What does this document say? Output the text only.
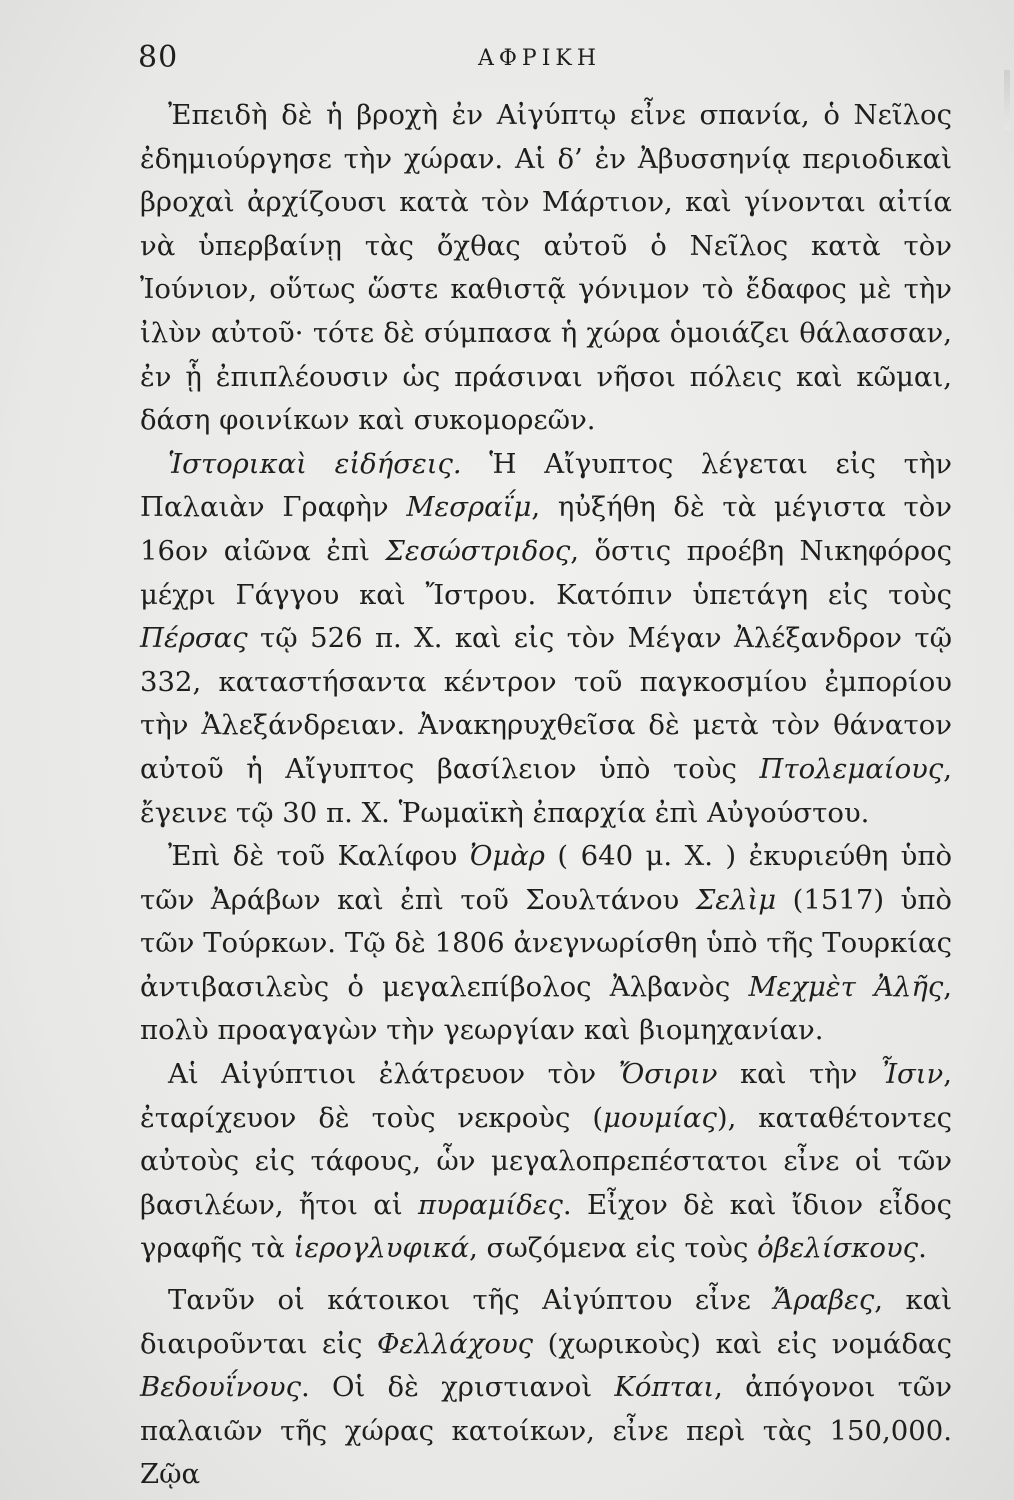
80	ΑΦΡΙΚΗ

Ἐπειδὴ δὲ ἡ βροχὴ ἐν Αἰγύπτῳ εἶνε σπανία, ὁ Νεῖλος ἐδημιούργησε τὴν χώραν. Αἱ δ’ ἐν Ἀβυσσηνίᾳ περιοδικαὶ βροχαὶ ἀρχίζουσι κατὰ τὸν Μάρτιον, καὶ γίνονται αἰτία νὰ ὑπερβαίνῃ τὰς ὄχθας αὐτοῦ ὁ Νεῖλος κατὰ τὸν Ἰούνιον, οὕτως ὥστε καθιστᾷ γόνιμον τὸ ἔδαφος μὲ τὴν ἰλὺν αὐτοῦ· τότε δὲ σύμπασα ἡ χώρα ὁμοιάζει θάλασσαν, ἐν ᾗ ἐπιπλέουσιν ὡς πράσιναι νῆσοι πόλεις καὶ κῶμαι, δάση φοινίκων καὶ συκομορεῶν.

Ἱστορικαὶ εἰδήσεις. Ἡ Αἴγυπτος λέγεται εἰς τὴν Παλαιὰν Γραφὴν Μεσραΐμ, ηὐξήθη δὲ τὰ μέγιστα τὸν 16ον αἰῶνα ἐπὶ Σεσώστριδος, ὅστις προέβη Νικηφόρος μέχρι Γάγγου καὶ Ἴστρου. Κατόπιν ὑπετάγη εἰς τοὺς Πέρσας τῷ 526 π. Χ. καὶ εἰς τὸν Μέγαν Ἀλέξανδρον τῷ 332, καταστήσαντα κέντρον τοῦ παγκοσμίου ἐμπορίου τὴν Ἀλεξάνδρειαν. Ἀνακηρυχθεῖσα δὲ μετὰ τὸν θάνατον αὐτοῦ ἡ Αἴγυπτος βασίλειον ὑπὸ τοὺς Πτολεμαίους, ἔγεινε τῷ 30 π. Χ. Ῥωμαϊκὴ ἐπαρχία ἐπὶ Αὐγούστου.

Ἐπὶ δὲ τοῦ Καλίφου Ὀμὰρ ( 640 μ. Χ. ) ἐκυριεύθη ὑπὸ τῶν Ἀράβων καὶ ἐπὶ τοῦ Σουλτάνου Σελὶμ (1517) ὑπὸ τῶν Τούρκων. Τῷ δὲ 1806 ἀνεγνωρίσθη ὑπὸ τῆς Τουρκίας ἀντιβασιλεὺς ὁ μεγαλεπίβολος Ἀλβανὸς Μεχμὲτ Ἀλῆς, πολὺ προαγαγὼν τὴν γεωργίαν καὶ βιομηχανίαν.

Αἱ Αἰγύπτιοι ἐλάτρευον τὸν Ὄσιριν καὶ τὴν Ἶσιν, ἐταρίχευον δὲ τοὺς νεκροὺς (μουμίας), καταθέτοντες αὐτοὺς εἰς τάφους, ὧν μεγαλοπρεπέστατοι εἶνε οἱ τῶν βασιλέων, ἤτοι αἱ πυραμίδες. Εἶχον δὲ καὶ ἴδιον εἶδος γραφῆς τὰ ἱερογλυφικά, σωζόμενα εἰς τοὺς ὀβελίσκους.

Τανῦν οἱ κάτοικοι τῆς Αἰγύπτου εἶνε Ἄραβες, καὶ διαιροῦνται εἰς Φελλάχους (χωρικοὺς) καὶ εἰς νομάδας Βεδουΐνους. Οἱ δὲ χριστιανοὶ Κόπται, ἀπόγονοι τῶν παλαιῶν τῆς χώρας κατοίκων, εἶνε περὶ τὰς 150,000. Ζῷα
